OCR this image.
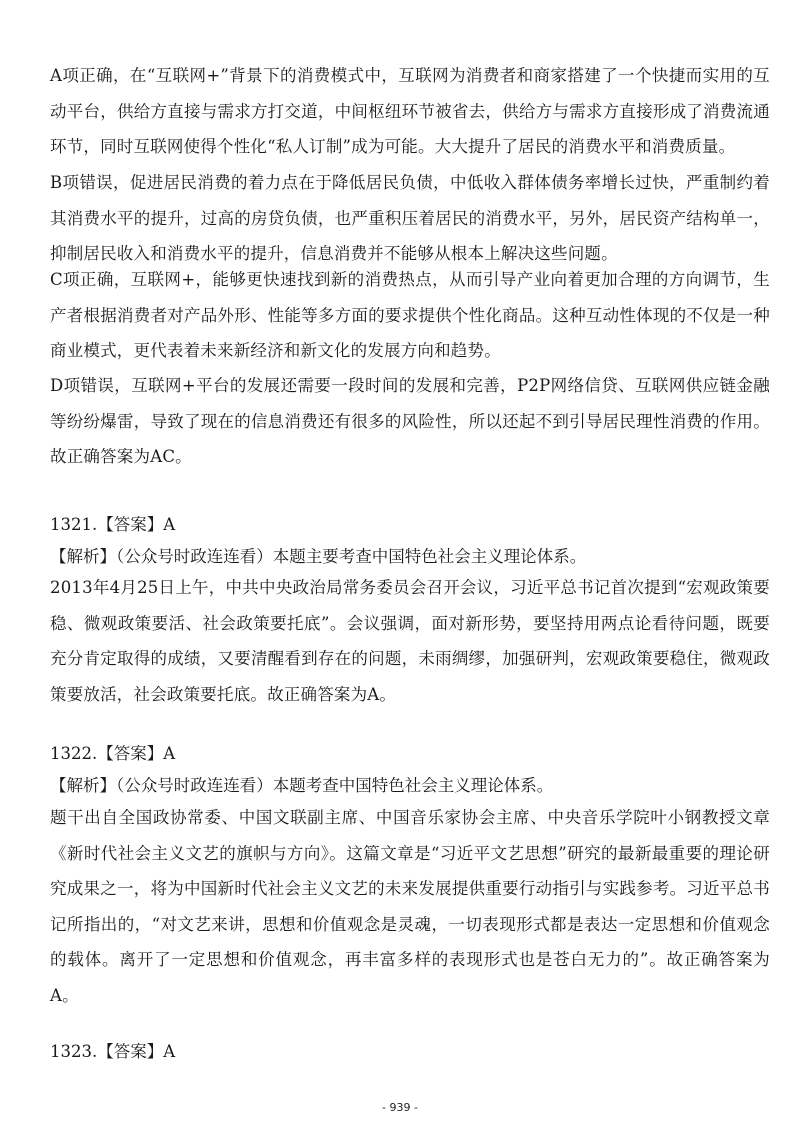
A项正确，在“互联网+”背景下的消费模式中，互联网为消费者和商家搭建了一个快捷而实用的互动平台，供给方直接与需求方打交道，中间枢纽环节被省去，供给方与需求方直接形成了消费流通环节，同时互联网使得个性化“私人订制”成为可能。大大提升了居民的消费水平和消费质量。

B项错误，促进居民消费的着力点在于降低居民负债，中低收入群体债务率增长过快，严重制约着其消费水平的提升，过高的房贷负债，也严重积压着居民的消费水平，另外，居民资产结构单一，抑制居民收入和消费水平的提升，信息消费并不能够从根本上解决这些问题。

C项正确，互联网+，能够更快速找到新的消费热点，从而引导产业向着更加合理的方向调节，生产者根据消费者对产品外形、性能等多方面的要求提供个性化商品。这种互动性体现的不仅是一种商业模式，更代表着未来新经济和新文化的发展方向和趋势。

D项错误，互联网+平台的发展还需要一段时间的发展和完善，P2P网络信贷、互联网供应链金融等纷纷爆雷，导致了现在的信息消费还有很多的风险性，所以还起不到引导居民理性消费的作用。故正确答案为AC。

1321.【答案】A

【解析】（公众号时政连连看）本题主要考查中国特色社会主义理论体系。

2013年4月25日上午，中共中央政治局常务委员会召开会议，习近平总书记首次提到“宏观政策要稳、微观政策要活、社会政策要托底”。会议强调，面对新形势，要坚持用两点论看待问题，既要充分肯定取得的成绩，又要清醒看到存在的问题，未雨绸缪，加强研判，宏观政策要稳住，微观政策要放活，社会政策要托底。故正确答案为A。

1322.【答案】A

【解析】（公众号时政连连看）本题考查中国特色社会主义理论体系。

题干出自全国政协常委、中国文联副主席、中国音乐家协会主席、中央音乐学院叶小钢教授文章《新时代社会主义文艺的旗帜与方向》。这篇文章是“习近平文艺思想”研究的最新最重要的理论研究成果之一，将为中国新时代社会主义文艺的未来发展提供重要行动指引与实践参考。习近平总书记所指出的，“对文艺来讲，思想和价值观念是灵魂，一切表现形式都是表达一定思想和价值观念的载体。离开了一定思想和价值观念，再丰富多样的表现形式也是苍白无力的”。故正确答案为A。

1323.【答案】A

- 939 -
